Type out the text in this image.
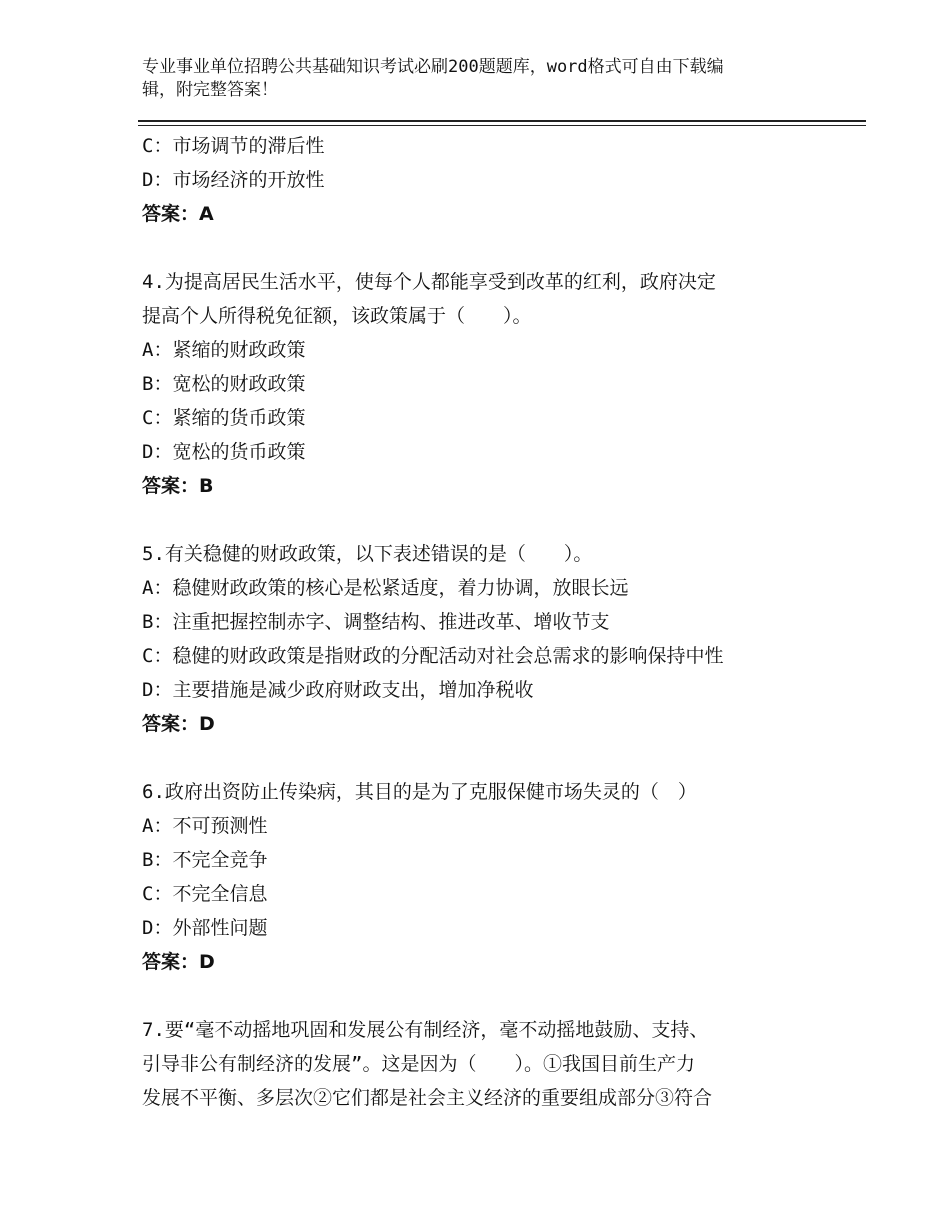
专业事业单位招聘公共基础知识考试必刷200题题库，word格式可自由下载编
辑，附完整答案！
C：市场调节的滞后性
D：市场经济的开放性
答案：A
4.为提高居民生活水平，使每个人都能享受到改革的红利，政府决定
提高个人所得税免征额，该政策属于（　　）。
A：紧缩的财政政策
B：宽松的财政政策
C：紧缩的货币政策
D：宽松的货币政策
答案：B
5.有关稳健的财政政策，以下表述错误的是（　　）。
A：稳健财政政策的核心是松紧适度，着力协调，放眼长远
B：注重把握控制赤字、调整结构、推进改革、增收节支
C：稳健的财政政策是指财政的分配活动对社会总需求的影响保持中性
D：主要措施是减少政府财政支出，增加净税收
答案：D
6.政府出资防止传染病，其目的是为了克服保健市场失灵的（　）
A：不可预测性
B：不完全竞争
C：不完全信息
D：外部性问题
答案：D
7.要“毫不动摇地巩固和发展公有制经济，毫不动摇地鼓励、支持、
引导非公有制经济的发展”。这是因为（　　）。①我国目前生产力
发展不平衡、多层次②它们都是社会主义经济的重要组成部分③符合
